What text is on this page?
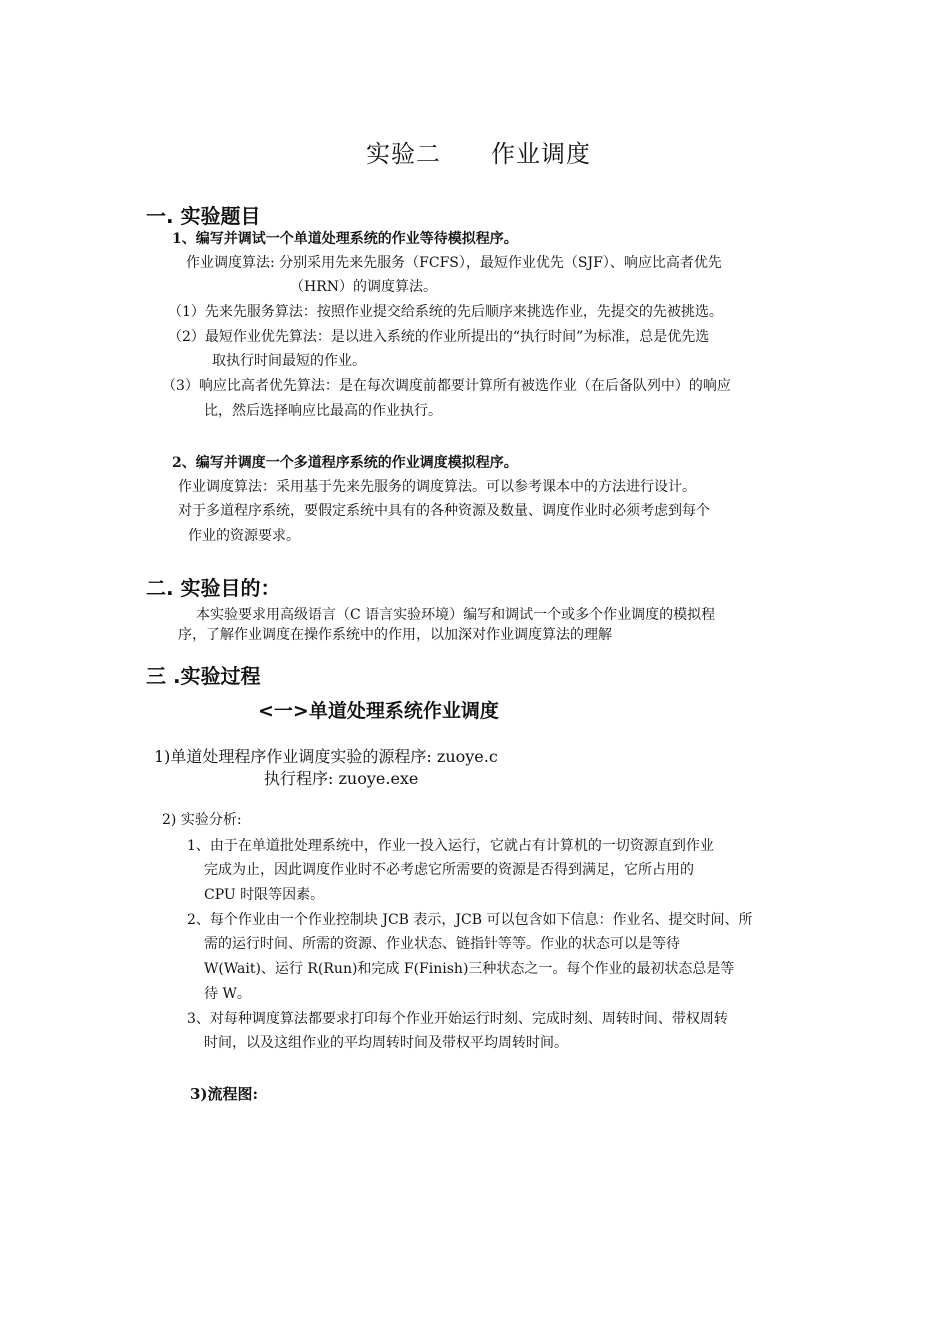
实验二　　作业调度
一. 实验题目
1、编写并调试一个单道处理系统的作业等待模拟程序。
作业调度算法: 分别采用先来先服务（FCFS），最短作业优先（SJF）、响应比高者优先
（HRN）的调度算法。
（1）先来先服务算法：按照作业提交给系统的先后顺序来挑选作业，先提交的先被挑选。
（2）最短作业优先算法：是以进入系统的作业所提出的“执行时间”为标准，总是优先选
取执行时间最短的作业。
（3）响应比高者优先算法：是在每次调度前都要计算所有被选作业（在后备队列中）的响应
比，然后选择响应比最高的作业执行。
2、编写并调度一个多道程序系统的作业调度模拟程序。
作业调度算法：采用基于先来先服务的调度算法。可以参考课本中的方法进行设计。
对于多道程序系统，要假定系统中具有的各种资源及数量、调度作业时必须考虑到每个
作业的资源要求。
二. 实验目的：
本实验要求用高级语言（C 语言实验环境）编写和调试一个或多个作业调度的模拟程
序，了解作业调度在操作系统中的作用，以加深对作业调度算法的理解
三 .实验过程
<一>单道处理系统作业调度
1)单道处理程序作业调度实验的源程序: zuoye.c
执行程序: zuoye.exe
2) 实验分析:
1、由于在单道批处理系统中，作业一投入运行，它就占有计算机的一切资源直到作业
完成为止，因此调度作业时不必考虑它所需要的资源是否得到满足，它所占用的
CPU 时限等因素。
2、每个作业由一个作业控制块 JCB 表示，JCB 可以包含如下信息：作业名、提交时间、所
需的运行时间、所需的资源、作业状态、链指针等等。作业的状态可以是等待
W(Wait)、运行 R(Run)和完成 F(Finish)三种状态之一。每个作业的最初状态总是等
待 W。
3、对每种调度算法都要求打印每个作业开始运行时刻、完成时刻、周转时间、带权周转
时间，以及这组作业的平均周转时间及带权平均周转时间。
3)流程图:
